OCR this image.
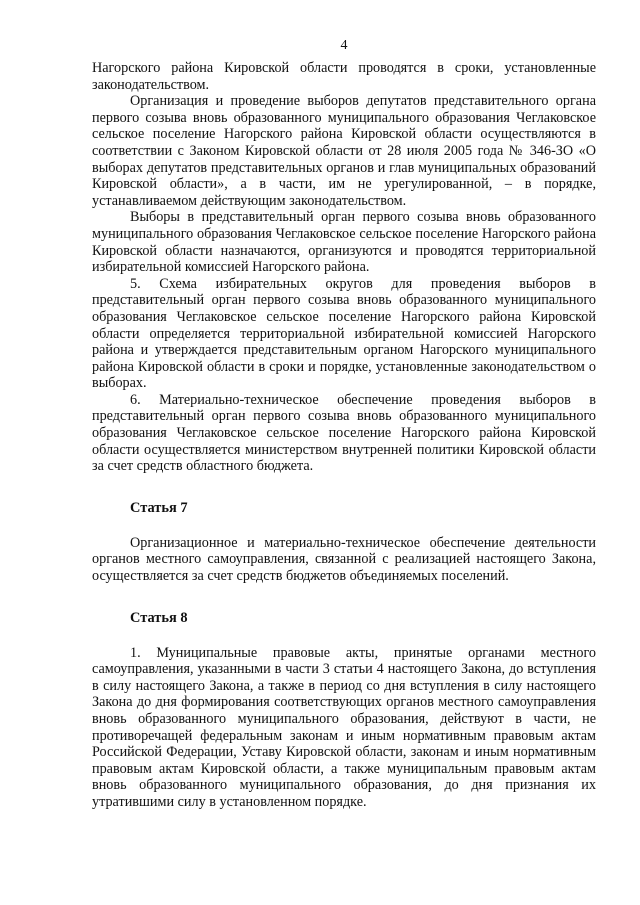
4

Нагорского района Кировской области проводятся в сроки, установленные законодательством.

Организация и проведение выборов депутатов представительного органа первого созыва вновь образованного муниципального образования Чеглаковское сельское поселение Нагорского района Кировской области осуществляются в соответствии с Законом Кировской области от 28 июля 2005 года № 346-ЗО «О выборах депутатов представительных органов и глав муниципальных образований Кировской области», а в части, им не урегулированной, – в порядке, устанавливаемом действующим законодательством.

Выборы в представительный орган первого созыва вновь образованного муниципального образования Чеглаковское сельское поселение Нагорского района Кировской области назначаются, организуются и проводятся территориальной избирательной комиссией Нагорского района.

5. Схема избирательных округов для проведения выборов в представительный орган первого созыва вновь образованного муниципального образования Чеглаковское сельское поселение Нагорского района Кировской области определяется территориальной избирательной комиссией Нагорского района и утверждается представительным органом Нагорского муниципального района Кировской области в сроки и порядке, установленные законодательством о выборах.

6. Материально-техническое обеспечение проведения выборов в представительный орган первого созыва вновь образованного муниципального образования Чеглаковское сельское поселение Нагорского района Кировской области осуществляется министерством внутренней политики Кировской области за счет средств областного бюджета.

Статья 7

Организационное и материально-техническое обеспечение деятельности органов местного самоуправления, связанной с реализацией настоящего Закона, осуществляется за счет средств бюджетов объединяемых поселений.

Статья 8

1. Муниципальные правовые акты, принятые органами местного самоуправления, указанными в части 3 статьи 4 настоящего Закона, до вступления в силу настоящего Закона, а также в период со дня вступления в силу настоящего Закона до дня формирования соответствующих органов местного самоуправления вновь образованного муниципального образования, действуют в части, не противоречащей федеральным законам и иным нормативным правовым актам Российской Федерации, Уставу Кировской области, законам и иным нормативным правовым актам Кировской области, а также муниципальным правовым актам вновь образованного муниципального образования, до дня признания их утратившими силу в установленном порядке.
